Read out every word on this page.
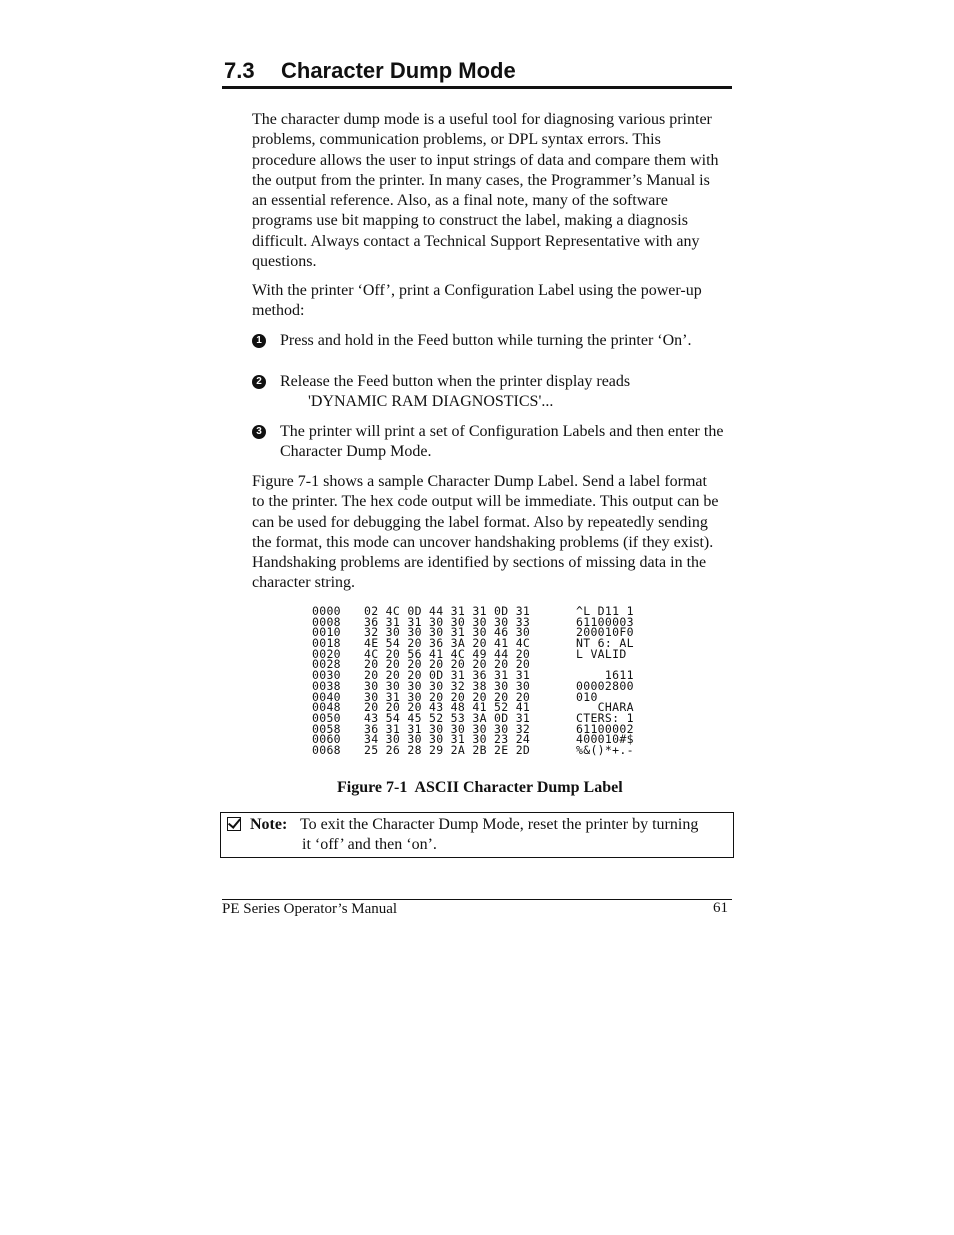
7.3 Character Dump Mode

The character dump mode is a useful tool for diagnosing various printer problems, communication problems, or DPL syntax errors. This procedure allows the user to input strings of data and compare them with the output from the printer. In many cases, the Programmer’s Manual is an essential reference. Also, as a final note, many of the software programs use bit mapping to construct the label, making a diagnosis difficult. Always contact a Technical Support Representative with any questions.

With the printer ‘Off’, print a Configuration Label using the power-up method:

1 Press and hold in the Feed button while turning the printer ‘On’.
2 Release the Feed button when the printer display reads
'DYNAMIC RAM DIAGNOSTICS'...
3 The printer will print a set of Configuration Labels and then enter the Character Dump Mode.

Figure 7-1 shows a sample Character Dump Label. Send a label format to the printer. The hex code output will be immediate. This output can be can be used for debugging the label format. Also by repeatedly sending the format, this mode can uncover handshaking problems (if they exist). Handshaking problems are identified by sections of missing data in the character string.

0000 02 4C 0D 44 31 31 0D 31	^L D11 1
0008 36 31 31 30 30 30 30 33	61100003
0010 32 30 30 30 31 30 46 30	200010F0
0018 4E 54 20 36 3A 20 41 4C	NT 6: AL
0020 4C 20 56 41 4C 49 44 20	L VALID
0028 20 20 20 20 20 20 20 20
0030 20 20 20 0D 31 36 31 31	1611
0038 30 30 30 30 32 38 30 30	00002800
0040 30 31 30 20 20 20 20 20	010
0048 20 20 20 43 48 41 52 41	CHARA
0050 43 54 45 52 53 3A 0D 31	CTERS: 1
0058 36 31 31 30 30 30 30 32	61100002
0060 34 30 30 30 31 30 23 24	400010#$
0068 25 26 28 29 2A 2B 2E 2D	%&()*+.-
Figure 7-1  ASCII Character Dump Label
Note: To exit the Character Dump Mode, reset the printer by turning
it ‘off’ and then ‘on’.
PE Series Operator’s Manual	61
